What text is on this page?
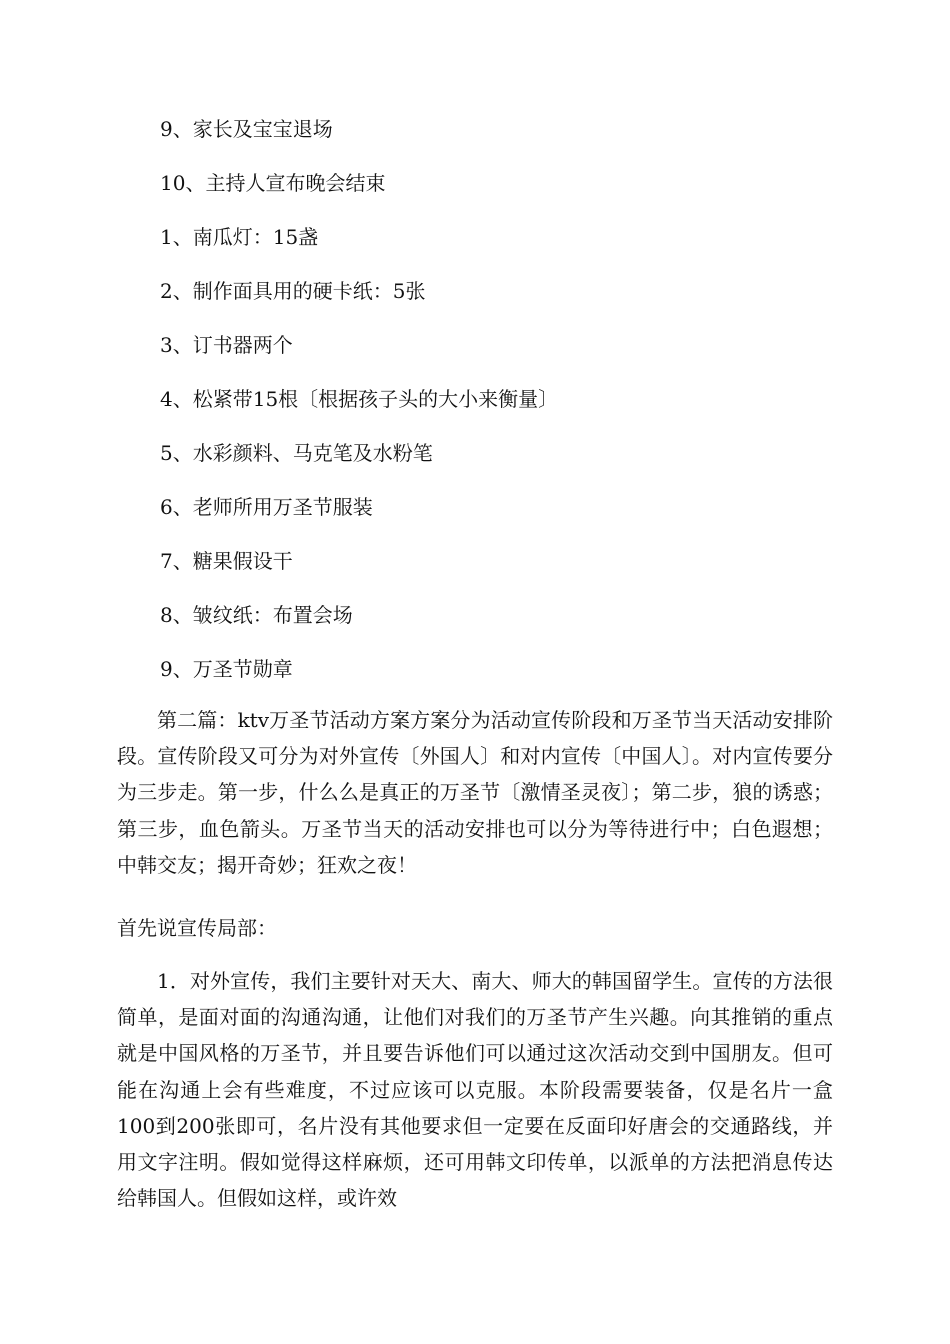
9、家长及宝宝退场
10、主持人宣布晚会结束
1、南瓜灯：15盏
2、制作面具用的硬卡纸：5张
3、订书器两个
4、松紧带15根〔根据孩子头的大小来衡量〕
5、水彩颜料、马克笔及水粉笔
6、老师所用万圣节服装
7、糖果假设干
8、皱纹纸：布置会场
9、万圣节勋章
第二篇：ktv万圣节活动方案方案分为活动宣传阶段和万圣节当天活动安排阶段。宣传阶段又可分为对外宣传〔外国人〕和对内宣传〔中国人〕。对内宣传要分为三步走。第一步，什么么是真正的万圣节〔激情圣灵夜〕；第二步，狼的诱惑；第三步，血色箭头。万圣节当天的活动安排也可以分为等待进行中；白色遐想；中韩交友；揭开奇妙；狂欢之夜！
首先说宣传局部：
1．对外宣传，我们主要针对天大、南大、师大的韩国留学生。宣传的方法很简单，是面对面的沟通沟通，让他们对我们的万圣节产生兴趣。向其推销的重点就是中国风格的万圣节，并且要告诉他们可以通过这次活动交到中国朋友。但可能在沟通上会有些难度，不过应该可以克服。本阶段需要装备，仅是名片一盒100到200张即可，名片没有其他要求但一定要在反面印好唐会的交通路线，并用文字注明。假如觉得这样麻烦，还可用韩文印传单，以派单的方法把消息传达给韩国人。但假如这样，或许效
